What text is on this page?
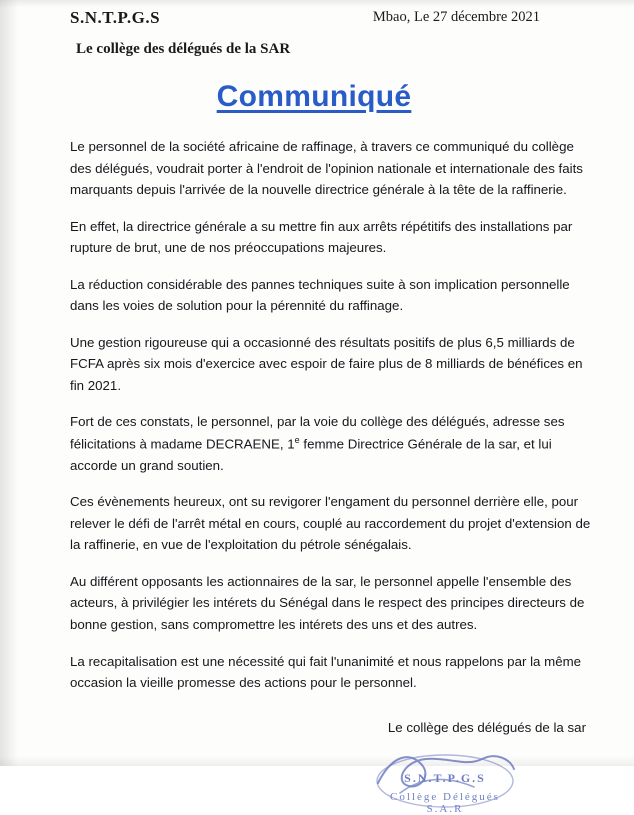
S.N.T.P.G.S	Mbao, Le 27 décembre 2021
Le collège des délégués de la SAR
Communiqué

Le personnel de la société africaine de raffinage, à travers ce communiqué du collège des délégués, voudrait porter à l'endroit de l'opinion nationale et internationale des faits marquants depuis l'arrivée de la nouvelle directrice générale à la tête de la raffinerie.

En effet, la directrice générale a su mettre fin aux arrêts répétitifs des installations par rupture de brut, une de nos préoccupations majeures.

La réduction considérable des pannes techniques suite à son implication personnelle dans les voies de solution pour la pérennité du raffinage.

Une gestion rigoureuse qui a occasionné des résultats positifs de plus 6,5 milliards de FCFA après six mois d'exercice avec espoir de faire plus de 8 milliards de bénéfices en fin 2021.

Fort de ces constats, le personnel, par la voie du collège des délégués, adresse ses félicitations à madame DECRAENE, 1e femme Directrice Générale de la sar, et lui accorde un grand soutien.

Ces évènements heureux, ont su revigorer l'engament du personnel derrière elle, pour relever le défi de l'arrêt métal en cours, couplé au raccordement du projet d'extension de la raffinerie, en vue de l'exploitation du pétrole sénégalais.

Au différent opposants les actionnaires de la sar, le personnel appelle l'ensemble des acteurs, à privilégier les intérets du Sénégal dans le respect des principes directeurs de bonne gestion, sans compromettre les intérets des uns et des autres.

La recapitalisation est une nécessité qui fait l'unanimité et nous rappelons par la même occasion la vieille promesse des actions pour le personnel.

Le collège des délégués de la sar
S.N.T.P.G.S
Collège Délégués S.A.R
